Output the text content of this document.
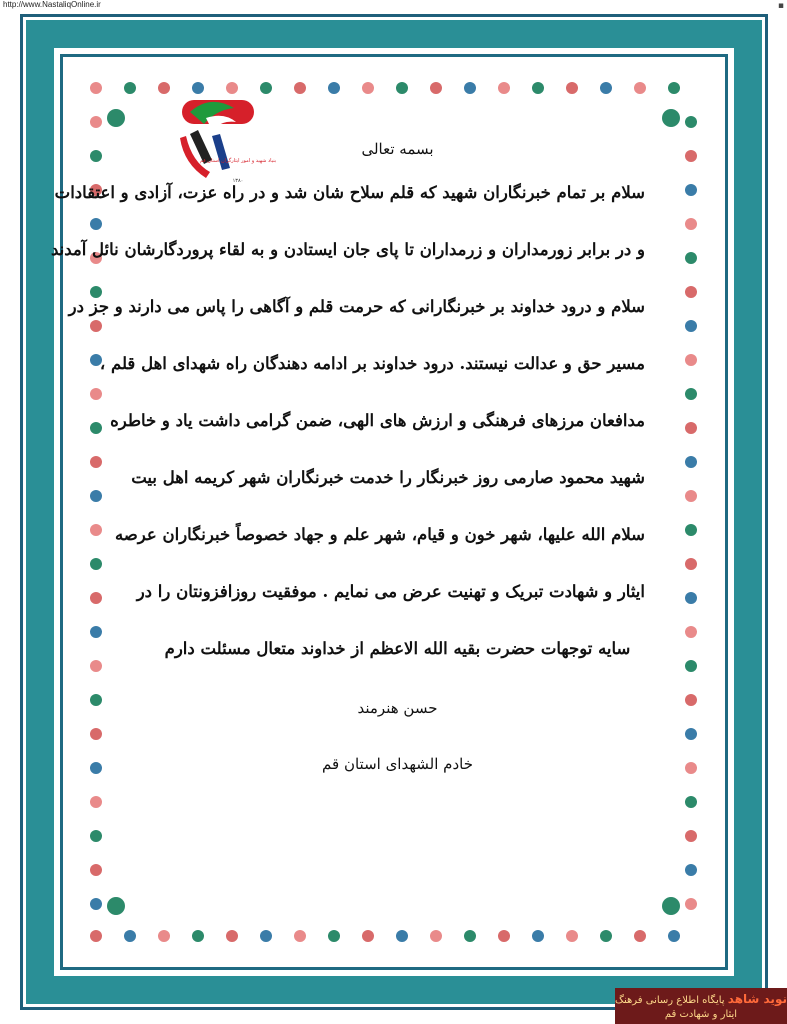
http://www.NastaliqOnline.ir	▪
بنیاد شهید و امور ایثارگران استان قم
۱۳۸۰
بسمه تعالی
سلام بر تمام خبرنگاران شهید که قلم سلاح شان شد و در راه عزت، آزادی و اعتقادات
و در برابر زورمداران و زرمداران تا پای جان ایستادن و به لقاء پروردگارشان نائل آمدند
سلام و درود خداوند بر خبرنگارانی که حرمت قلم و آگاهی را پاس می دارند و جز در
مسیر حق و عدالت نیستند. درود خداوند بر ادامه دهندگان راه شهدای اهل قلم ،
مدافعان مرزهای فرهنگی و ارزش های الهی، ضمن گرامی داشت یاد و خاطره
شهید محمود صارمی روز خبرنگار را خدمت خبرنگاران شهر کریمه اهل بیت
سلام الله علیها، شهر خون و قیام، شهر علم و جهاد خصوصاً خبرنگاران عرصه
ایثار و شهادت تبریک و تهنیت عرض می نمایم . موفقیت روزافزونتان را در
سایه توجهات حضرت بقیه الله الاعظم از خداوند متعال مسئلت دارم
حسن هنرمند
خادم الشهدای استان قم
نوید شاهد پایگاه اطلاع رسانی فرهنگ ایثار و شهادت قم
